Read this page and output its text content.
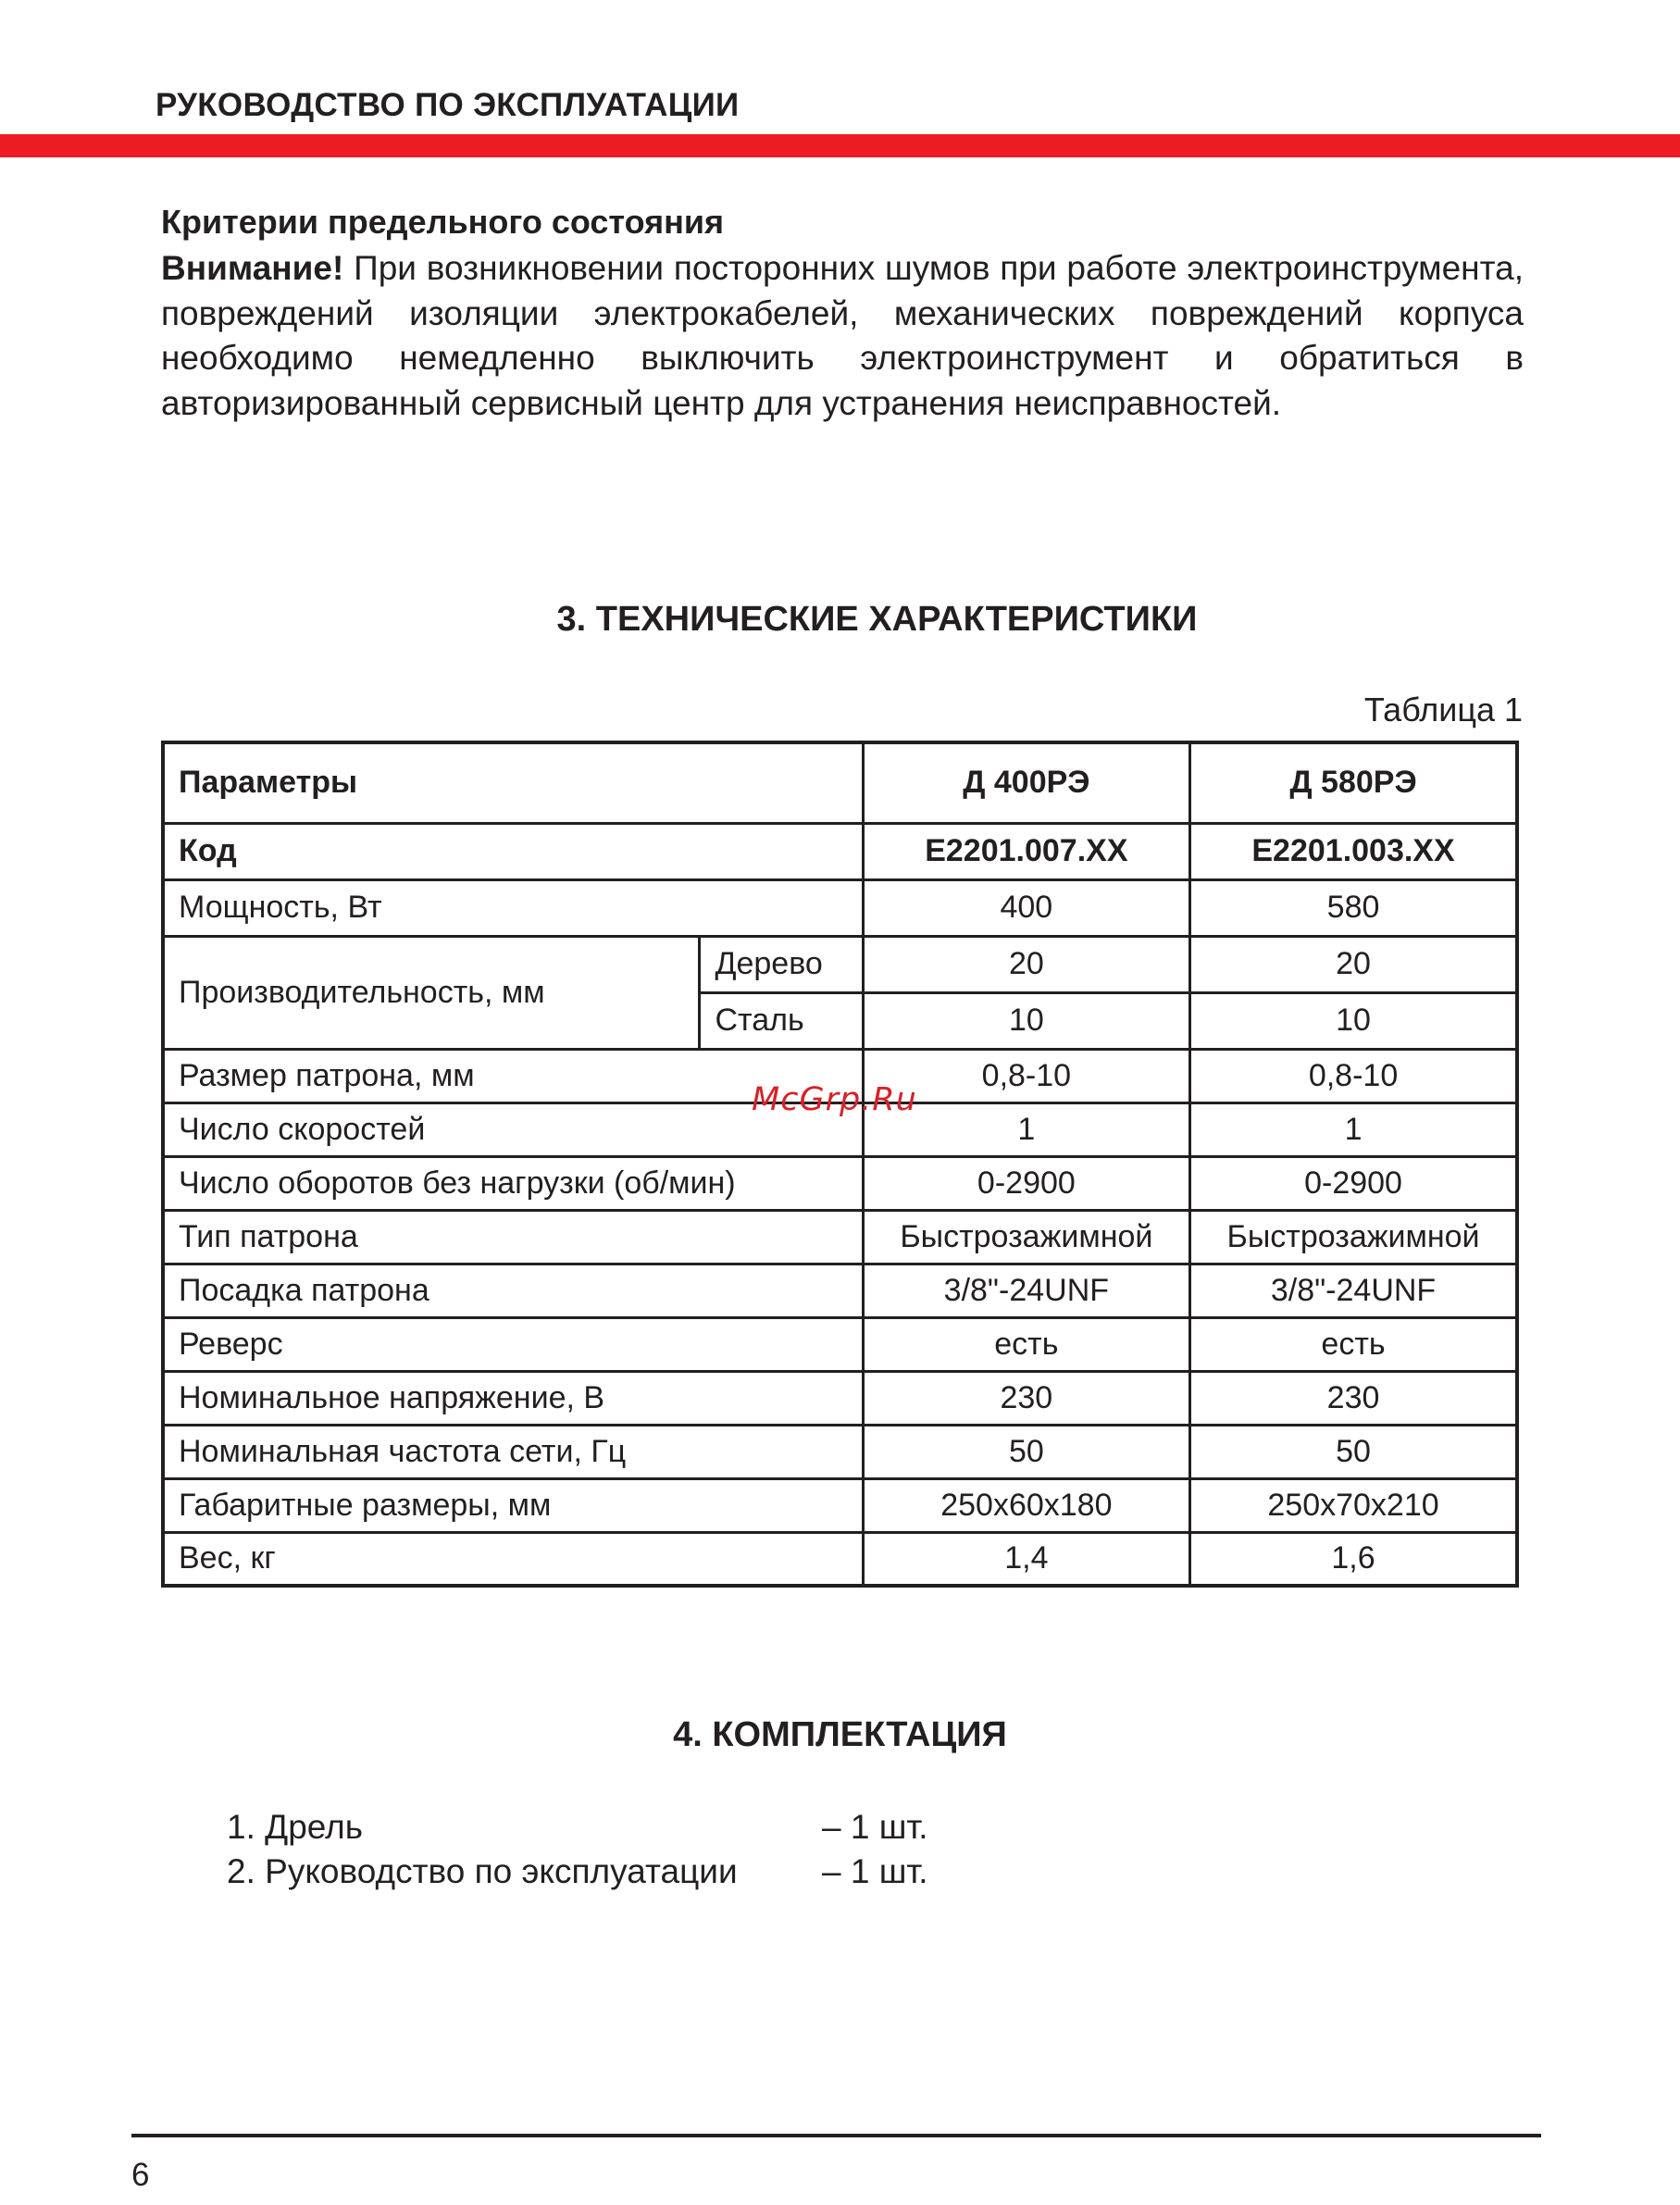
РУКОВОДСТВО ПО ЭКСПЛУАТАЦИИ
Критерии предельного состояния
Внимание! При возникновении посторонних шумов при работе электроинструмента, повреждений изоляции электрокабелей, механических повреждений корпуса необходимо немедленно выключить электроинструмент и обратиться в авторизированный сервисный центр для устранения неисправностей.
3. ТЕХНИЧЕСКИЕ ХАРАКТЕРИСТИКИ
Таблица 1
Параметры		Д 400РЭ	Д 580РЭ
Код		E2201.007.XX	E2201.003.XX
Мощность, Вт		400	580
Производительность, мм	Дерево	20	20
	Сталь	10	10
Размер патрона, мм		0,8-10	0,8-10
Число скоростей		1	1
Число оборотов без нагрузки (об/мин)		0-2900	0-2900
Тип патрона		Быстрозажимной	Быстрозажимной
Посадка патрона		3/8"-24UNF	3/8"-24UNF
Реверс		есть	есть
Номинальное напряжение, В		230	230
Номинальная частота сети, Гц		50	50
Габаритные размеры, мм		250x60x180	250x70x210
Вес, кг		1,4	1,6
McGrp.Ru
4. КОМПЛЕКТАЦИЯ
1. Дрель	– 1 шт.
2. Руководство по эксплуатации – 1 шт.
6
